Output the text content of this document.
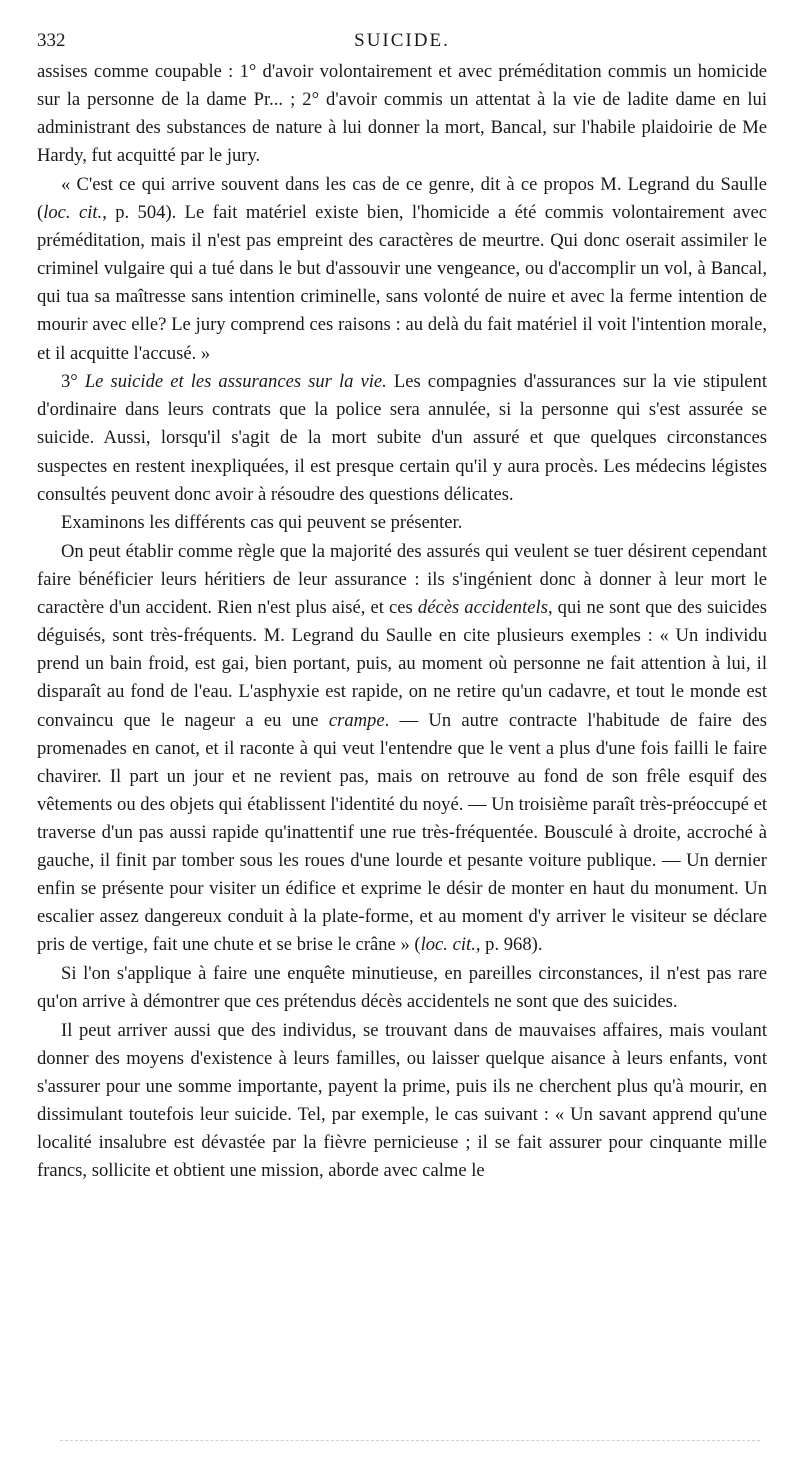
332	SUICIDE.

assises comme coupable : 1° d'avoir volontairement et avec préméditation commis un homicide sur la personne de la dame Pr... ; 2° d'avoir commis un attentat à la vie de ladite dame en lui administrant des substances de nature à lui donner la mort, Bancal, sur l'habile plaidoirie de Me Hardy, fut acquitté par le jury.

« C'est ce qui arrive souvent dans les cas de ce genre, dit à ce propos M. Legrand du Saulle (loc. cit., p. 504). Le fait matériel existe bien, l'homicide a été commis volontairement avec préméditation, mais il n'est pas empreint des caractères de meurtre. Qui donc oserait assimiler le criminel vulgaire qui a tué dans le but d'assouvir une vengeance, ou d'accomplir un vol, à Bancal, qui tua sa maîtresse sans intention criminelle, sans volonté de nuire et avec la ferme intention de mourir avec elle? Le jury comprend ces raisons : au delà du fait matériel il voit l'intention morale, et il acquitte l'accusé. »

3° Le suicide et les assurances sur la vie. Les compagnies d'assurances sur la vie stipulent d'ordinaire dans leurs contrats que la police sera annulée, si la personne qui s'est assurée se suicide. Aussi, lorsqu'il s'agit de la mort subite d'un assuré et que quelques circonstances suspectes en restent inexpliquées, il est presque certain qu'il y aura procès. Les médecins légistes consultés peuvent donc avoir à résoudre des questions délicates.

Examinons les différents cas qui peuvent se présenter.

On peut établir comme règle que la majorité des assurés qui veulent se tuer désirent cependant faire bénéficier leurs héritiers de leur assurance : ils s'ingénient donc à donner à leur mort le caractère d'un accident. Rien n'est plus aisé, et ces décès accidentels, qui ne sont que des suicides déguisés, sont très-fréquents. M. Legrand du Saulle en cite plusieurs exemples : « Un individu prend un bain froid, est gai, bien portant, puis, au moment où personne ne fait attention à lui, il disparaît au fond de l'eau. L'asphyxie est rapide, on ne retire qu'un cadavre, et tout le monde est convaincu que le nageur a eu une crampe. — Un autre contracte l'habitude de faire des promenades en canot, et il raconte à qui veut l'entendre que le vent a plus d'une fois failli le faire chavirer. Il part un jour et ne revient pas, mais on retrouve au fond de son frêle esquif des vêtements ou des objets qui établissent l'identité du noyé. — Un troisième paraît très-préoccupé et traverse d'un pas aussi rapide qu'inattentif une rue très-fréquentée. Bousculé à droite, accroché à gauche, il finit par tomber sous les roues d'une lourde et pesante voiture publique. — Un dernier enfin se présente pour visiter un édifice et exprime le désir de monter en haut du monument. Un escalier assez dangereux conduit à la plate-forme, et au moment d'y arriver le visiteur se déclare pris de vertige, fait une chute et se brise le crâne » (loc. cit., p. 968).

Si l'on s'applique à faire une enquête minutieuse, en pareilles circonstances, il n'est pas rare qu'on arrive à démontrer que ces prétendus décès accidentels ne sont que des suicides.

Il peut arriver aussi que des individus, se trouvant dans de mauvaises affaires, mais voulant donner des moyens d'existence à leurs familles, ou laisser quelque aisance à leurs enfants, vont s'assurer pour une somme importante, payent la prime, puis ils ne cherchent plus qu'à mourir, en dissimulant toutefois leur suicide. Tel, par exemple, le cas suivant : « Un savant apprend qu'une localité insalubre est dévastée par la fièvre pernicieuse ; il se fait assurer pour cinquante mille francs, sollicite et obtient une mission, aborde avec calme le
